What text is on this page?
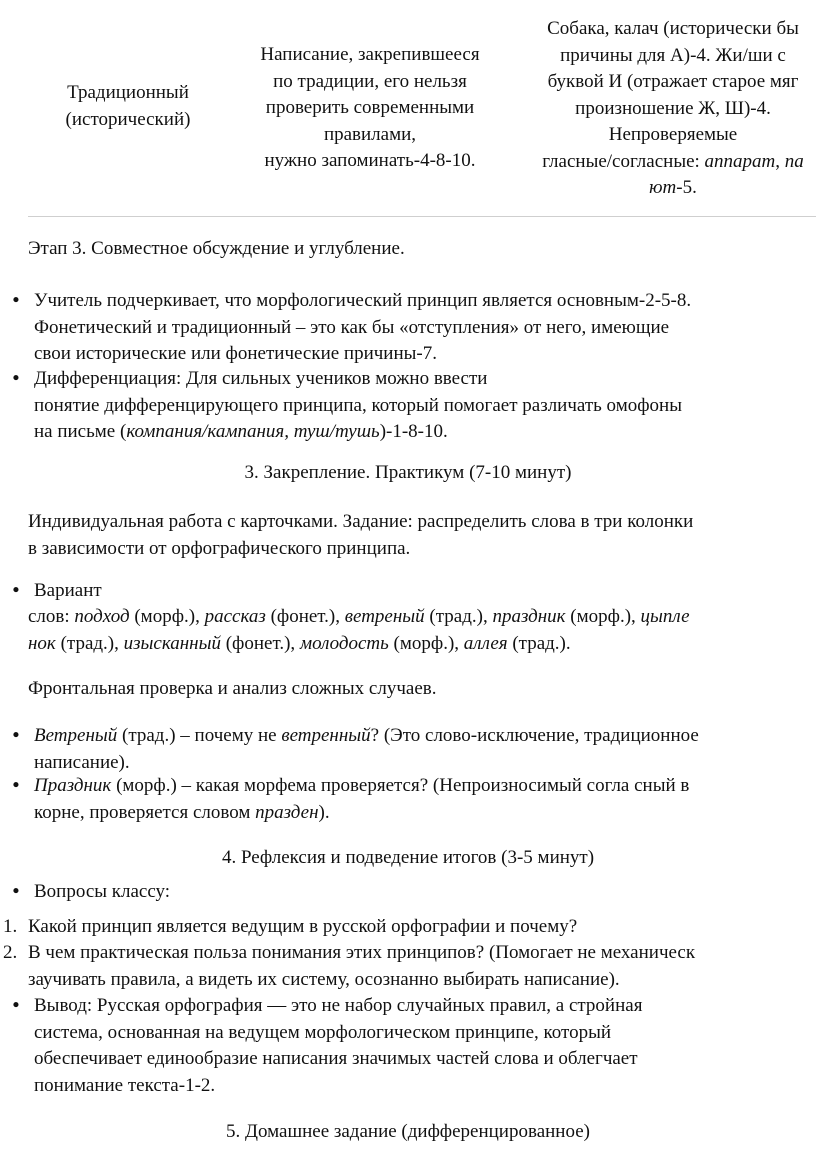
Традиционный
(исторический)
Написание, закрепившееся
по традиции, его нельзя
проверить современными
правилами,
нужно запоминать-4-8-10.
Собака, калач (исторически бы
причины для А)-4. Жи/ши с
буквой И (отражает старое мяг
произношение Ж, Ш)-4.
Непроверяемые
гласные/согласные: аппарат, па
ют-5.
Этап 3. Совместное обсуждение и углубление.
• Учитель подчеркивает, что морфологический принцип является основным-2-5-8.
Фонетический и традиционный – это как бы «отступления» от него, имеющие
свои исторические или фонетические причины-7.
• Дифференциация: Для сильных учеников можно ввести
понятие дифференцирующего принципа, который помогает различать омофоны
на письме (компания/кампания, туш/тушь)-1-8-10.
3. Закрепление. Практикум (7-10 минут)
Индивидуальная работа с карточками. Задание: распределить слова в три колонки
в зависимости от орфографического принципа.
• Вариант
слов: подход (морф.), рассказ (фонет.), ветреный (трад.), праздник (морф.), цыпле
нок (трад.), изысканный (фонет.), молодость (морф.), аллея (трад.).
Фронтальная проверка и анализ сложных случаев.
• Ветреный (трад.) – почему не ветренный? (Это слово-исключение, традиционное
написание).
• Праздник (морф.) – какая морфема проверяется? (Непроизносимый согла сный в
корне, проверяется словом празден).
4. Рефлексия и подведение итогов (3-5 минут)
• Вопросы классу:
1. Какой принцип является ведущим в русской орфографии и почему?
2. В чем практическая польза понимания этих принципов? (Помогает не механическ
заучивать правила, а видеть их систему, осознанно выбирать написание).
• Вывод: Русская орфография — это не набор случайных правил, а стройная
система, основанная на ведущем морфологическом принципе, который
обеспечивает единообразие написания значимых частей слова и облегчает
понимание текста-1-2.
5. Домашнее задание (дифференцированное)
